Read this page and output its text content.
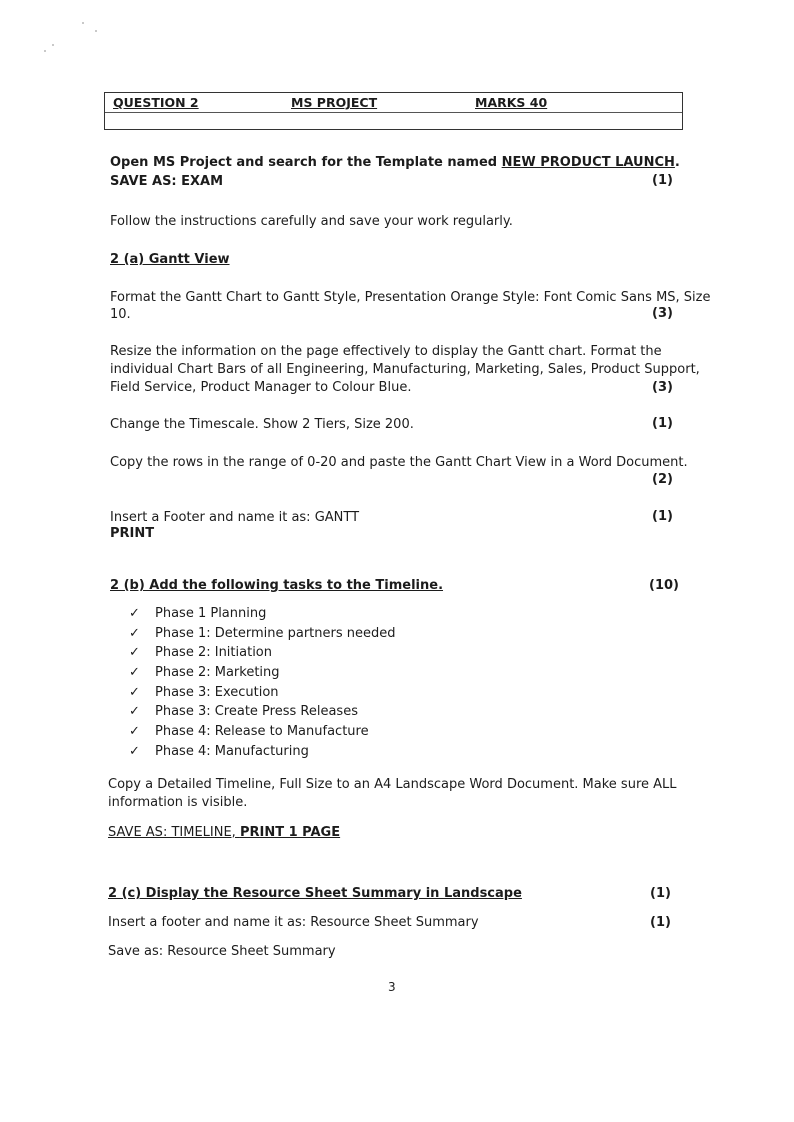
QUESTION 2	MS PROJECT	MARKS 40
Open MS Project and search for the Template named NEW PRODUCT LAUNCH.
SAVE AS: EXAM	(1)
Follow the instructions carefully and save your work regularly.
2 (a) Gantt View
Format the Gantt Chart to Gantt Style, Presentation Orange Style: Font Comic Sans MS, Size
10.	(3)
Resize the information on the page effectively to display the Gantt chart. Format the
individual Chart Bars of all Engineering, Manufacturing, Marketing, Sales, Product Support,
Field Service, Product Manager to Colour Blue.	(3)
Change the Timescale. Show 2 Tiers, Size 200.	(1)
Copy the rows in the range of 0-20 and paste the Gantt Chart View in a Word Document.
(2)
Insert a Footer and name it as: GANTT	(1)
PRINT
2 (b) Add the following tasks to the Timeline.	(10)
✓ Phase 1 Planning
✓ Phase 1: Determine partners needed
✓ Phase 2: Initiation
✓ Phase 2: Marketing
✓ Phase 3: Execution
✓ Phase 3: Create Press Releases
✓ Phase 4: Release to Manufacture
✓ Phase 4: Manufacturing
Copy a Detailed Timeline, Full Size to an A4 Landscape Word Document. Make sure ALL
information is visible.
SAVE AS: TIMELINE, PRINT 1 PAGE
2 (c) Display the Resource Sheet Summary in Landscape	(1)
Insert a footer and name it as: Resource Sheet Summary	(1)
Save as: Resource Sheet Summary
3
